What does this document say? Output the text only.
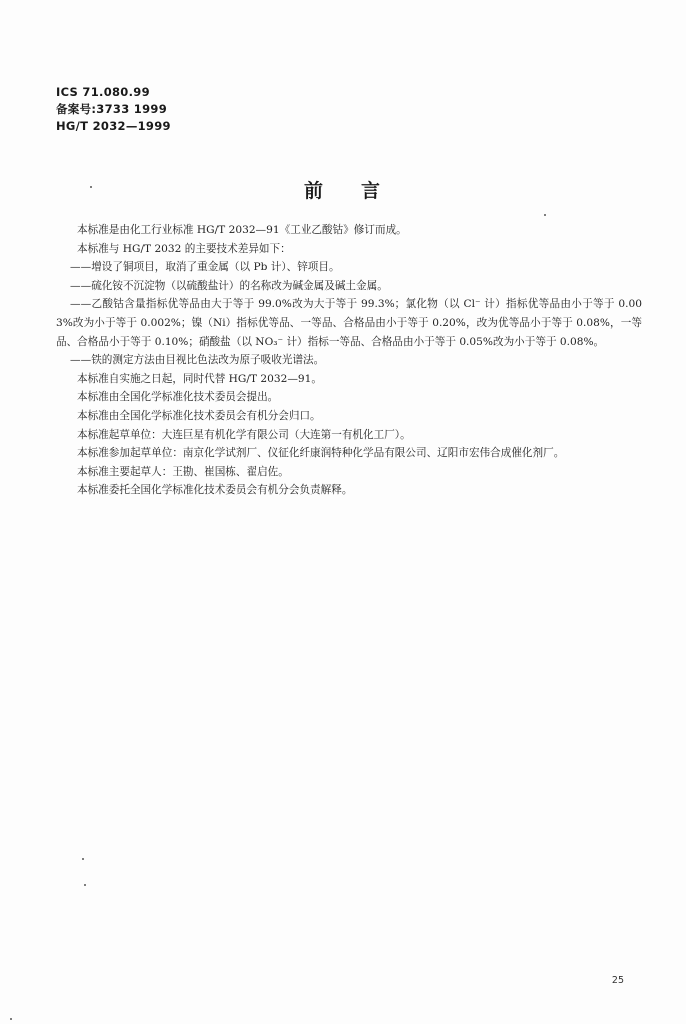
ICS 71.080.99
备案号:3733 1999
HG/T 2032—1999
前言

本标准是由化工行业标准 HG/T 2032—91《工业乙酸钴》修订而成。

本标准与 HG/T 2032 的主要技术差异如下：

——增设了铜项目，取消了重金属（以 Pb 计）、锌项目。

——硫化铵不沉淀物（以硫酸盐计）的名称改为碱金属及碱土金属。

——乙酸钴含量指标优等品由大于等于 99.0%改为大于等于 99.3%；氯化物（以 Cl⁻ 计）指标优等品由小于等于 0.003%改为小于等于 0.002%；镍（Ni）指标优等品、一等品、合格品由小于等于 0.20%，改为优等品小于等于 0.08%，一等品、合格品小于等于 0.10%；硝酸盐（以 NO₃⁻ 计）指标一等品、合格品由小于等于 0.05%改为小于等于 0.08%。

——铁的测定方法由目视比色法改为原子吸收光谱法。

本标准自实施之日起，同时代替 HG/T 2032—91。

本标准由全国化学标准化技术委员会提出。

本标准由全国化学标准化技术委员会有机分会归口。

本标准起草单位：大连巨星有机化学有限公司（大连第一有机化工厂）。

本标准参加起草单位：南京化学试剂厂、仪征化纤康润特种化学品有限公司、辽阳市宏伟合成催化剂厂。

本标准主要起草人：王勘、崔国栋、翟启佐。

本标准委托全国化学标准化技术委员会有机分会负责解释。

25
